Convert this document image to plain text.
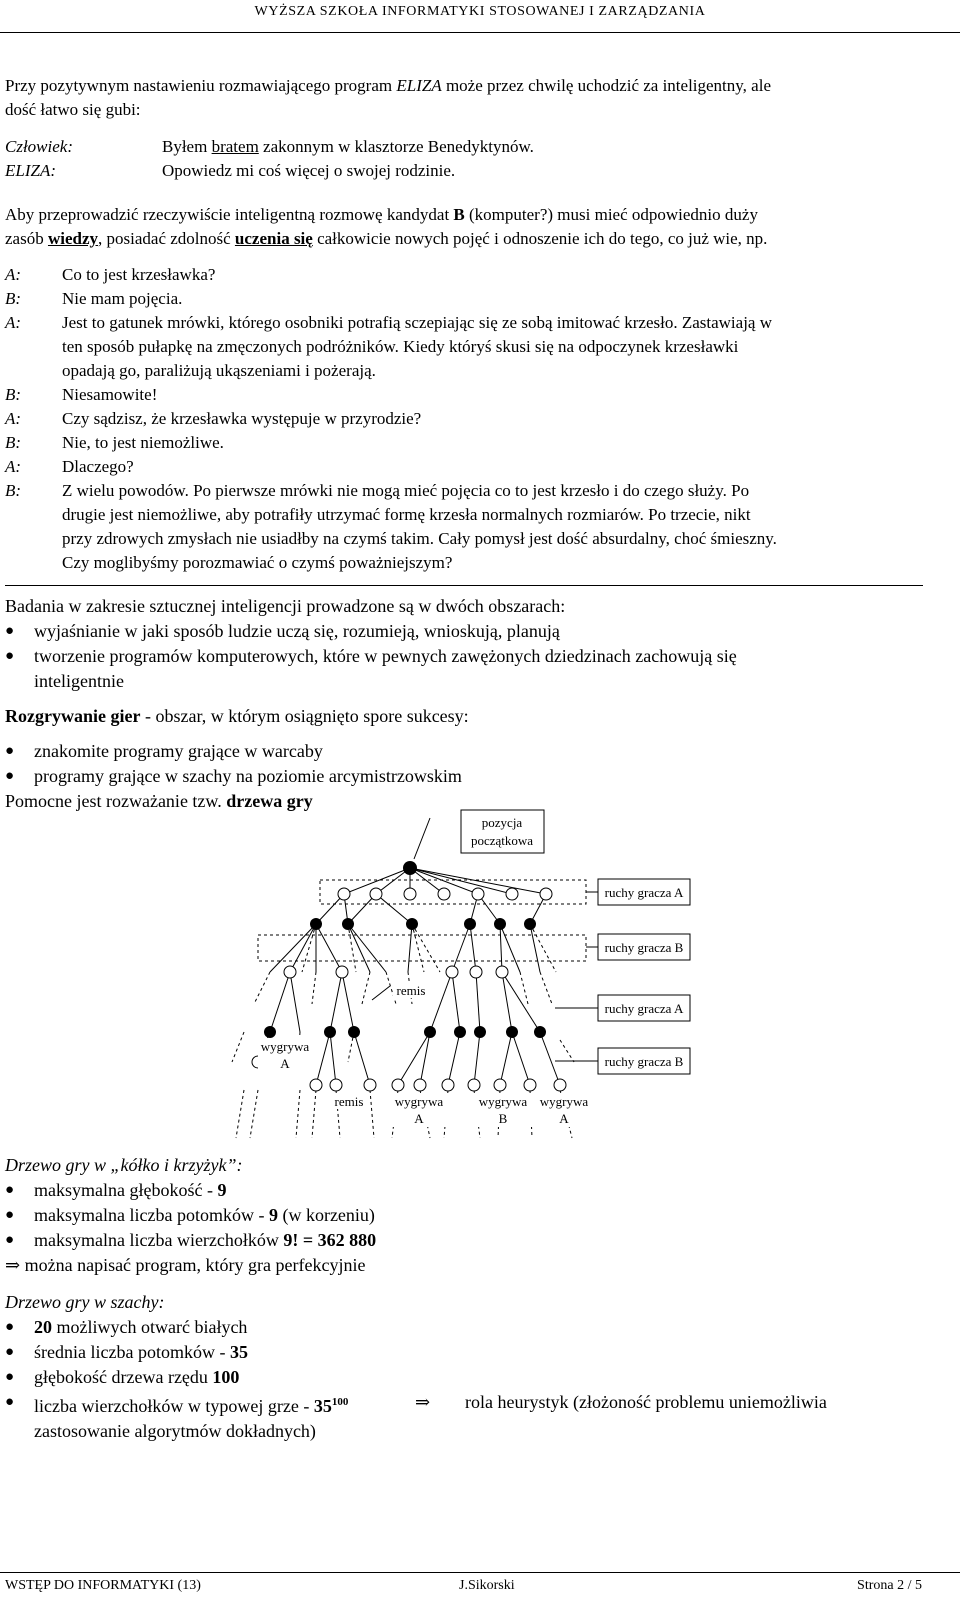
WYŻSZA SZKOŁA INFORMATYKI STOSOWANEJ I ZARZĄDZANIA
Przy pozytywnym nastawieniu rozmawiającego program ELIZA może przez chwilę uchodzić za inteligentny, ale
dość łatwo się gubi:
Człowiek:	Byłem bratem zakonnym w klasztorze Benedyktynów.
ELIZA:	Opowiedz mi coś więcej o swojej rodzinie.
Aby przeprowadzić rzeczywiście inteligentną rozmowę kandydat B (komputer?) musi mieć odpowiednio duży
zasób wiedzy, posiadać zdolność uczenia się całkowicie nowych pojęć i odnoszenie ich do tego, co już wie, np.
A: Co to jest krzesławka?
B: Nie mam pojęcia.
A: Jest to gatunek mrówki, którego osobniki potrafią sczepiając się ze sobą imitować krzesło. Zastawiają w
ten sposób pułapkę na zmęczonych podróżników. Kiedy któryś skusi się na odpoczynek krzesławki
opadają go, paraliżują ukąszeniami i pożerają.
B: Niesamowite!
A: Czy sądzisz, że krzesławka występuje w przyrodzie?
B: Nie, to jest niemożliwe.
A: Dlaczego?
B: Z wielu powodów. Po pierwsze mrówki nie mogą mieć pojęcia co to jest krzesło i do czego służy. Po
drugie jest niemożliwe, aby potrafiły utrzymać formę krzesła normalnych rozmiarów. Po trzecie, nikt
przy zdrowych zmysłach nie usiadłby na czymś takim. Cały pomysł jest dość absurdalny, choć śmieszny.
Czy moglibyśmy porozmawiać o czymś poważniejszym?
Badania w zakresie sztucznej inteligencji prowadzone są w dwóch obszarach:
● wyjaśnianie w jaki sposób ludzie uczą się, rozumieją, wnioskują, planują
● tworzenie programów komputerowych, które w pewnych zawężonych dziedzinach zachowują się
inteligentnie
Rozgrywanie gier - obszar, w którym osiągnięto spore sukcesy:
● znakomite programy grające w warcaby
● programy grające w szachy na poziomie arcymistrzowskim
Pomocne jest rozważanie tzw. drzewa gry
pozycja
początkowa
ruchy gracza A
ruchy gracza B
ruchy gracza A
ruchy gracza B
remis
wygrywa
A
remis wygrywa
A
wygrywa
B
wygrywa
A
Drzewo gry w „kółko i krzyżyk”:
● maksymalna głębokość - 9
● maksymalna liczba potomków - 9 (w korzeniu)
● maksymalna liczba wierzchołków 9! = 362 880
⇒ można napisać program, który gra perfekcyjnie
Drzewo gry w szachy:
● 20 możliwych otwarć białych
● średnia liczba potomków - 35
● głębokość drzewa rzędu 100
● liczba wierzchołków w typowej grze - $35^{100}$	⇒ rola heurystyk (złożoność problemu uniemożliwia
zastosowanie algorytmów dokładnych)
WSTĘP DO INFORMATYKI (13)	J.Sikorski	Strona 2 / 5
